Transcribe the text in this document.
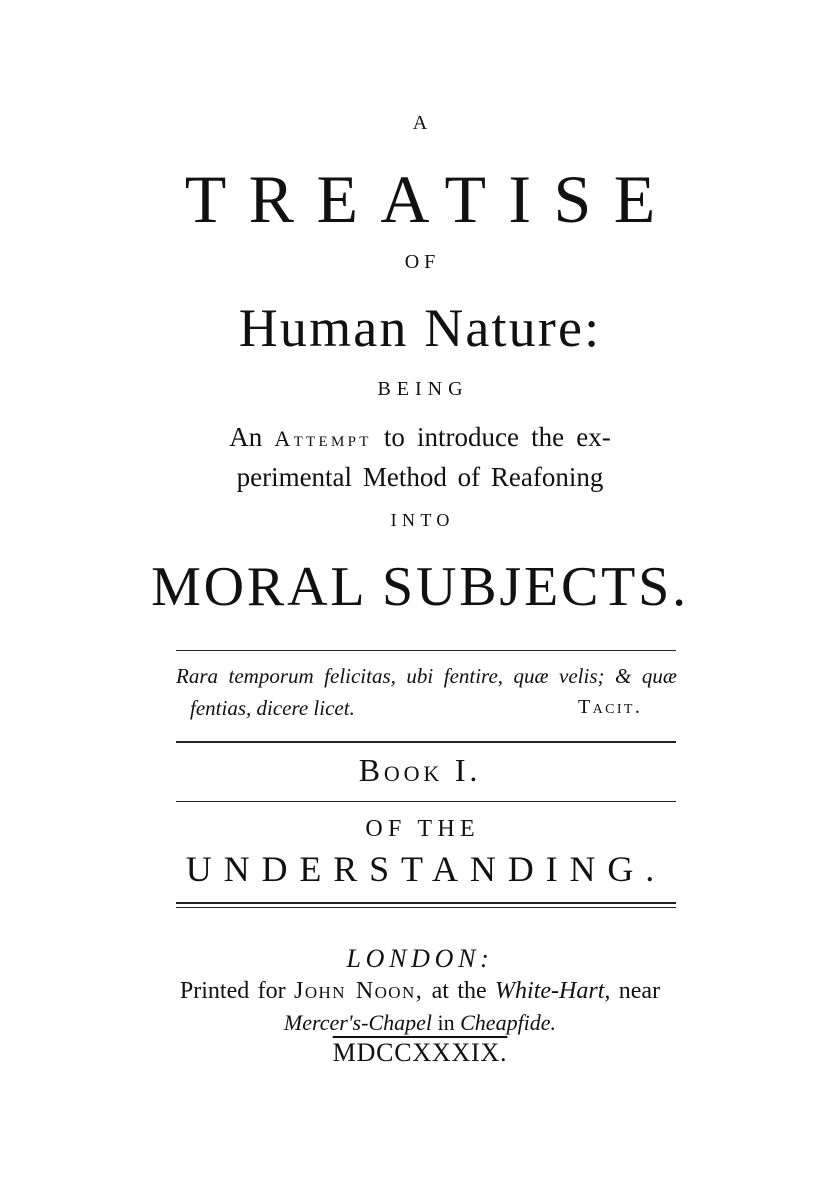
A
TREATISE
OF
Human Nature:
BEING
An Attempt to introduce the ex-
perimental Method of Reafoning
INTO
MORAL SUBJECTS.
Rara temporum felicitas, ubi fentire, quæ velis; & quæ
fentias, dicere licet.	Tacit.
Book I.
OF THE
UNDERSTANDING.
LONDON:
Printed for John Noon, at the White-Hart, near
Mercer's-Chapel in Cheapfide.
MDCCXXXIX.
